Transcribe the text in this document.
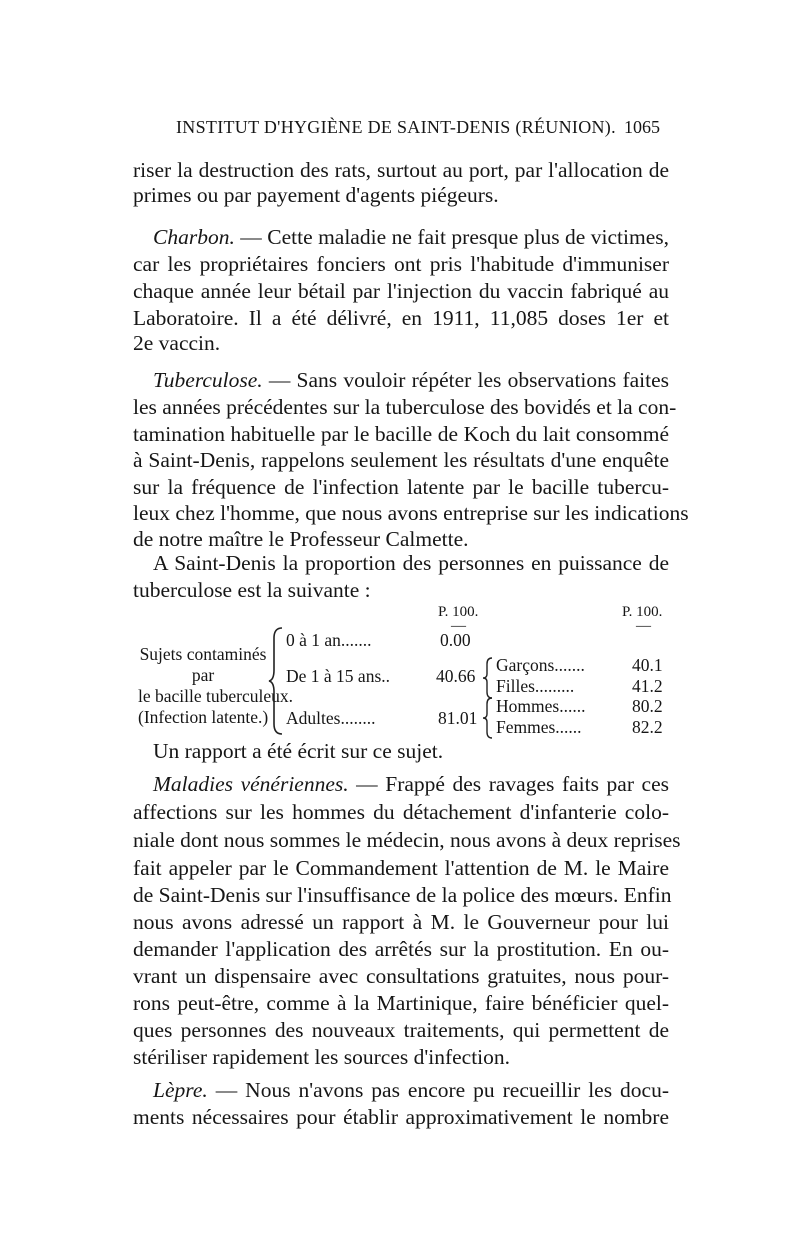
INSTITUT D'HYGIÈNE DE SAINT-DENIS (RÉUNION). 1065
riser la destruction des rats, surtout au port, par l'allocation de
primes ou par payement d'agents piégeurs.
Charbon. — Cette maladie ne fait presque plus de victimes,
car les propriétaires fonciers ont pris l'habitude d'immuniser
chaque année leur bétail par l'injection du vaccin fabriqué au
Laboratoire. Il a été délivré, en 1911, 11,085 doses 1er et
2e vaccin.
Tuberculose. — Sans vouloir répéter les observations faites
les années précédentes sur la tuberculose des bovidés et la con-
tamination habituelle par le bacille de Koch du lait consommé
à Saint-Denis, rappelons seulement les résultats d'une enquête
sur la fréquence de l'infection latente par le bacille tubercu-
leux chez l'homme, que nous avons entreprise sur les indications
de notre maître le Professeur Calmette.
A Saint-Denis la proportion des personnes en puissance de
tuberculose est la suivante :
P. 100.	P. 100.
—	—
Sujets contaminés
par
le bacille tuberculeux.
(Infection latente.)
0 à 1 an.......	0.00
De 1 à 15 ans..	40.66
Garçons.......	40.1
Filles.........	41.2
Adultes........	81.01
Hommes......	80.2
Femmes......	82.2
Un rapport a été écrit sur ce sujet.
Maladies vénériennes. — Frappé des ravages faits par ces
affections sur les hommes du détachement d'infanterie colo-
niale dont nous sommes le médecin, nous avons à deux reprises
fait appeler par le Commandement l'attention de M. le Maire
de Saint-Denis sur l'insuffisance de la police des mœurs. Enfin
nous avons adressé un rapport à M. le Gouverneur pour lui
demander l'application des arrêtés sur la prostitution. En ou-
vrant un dispensaire avec consultations gratuites, nous pour-
rons peut-être, comme à la Martinique, faire bénéficier quel-
ques personnes des nouveaux traitements, qui permettent de
stériliser rapidement les sources d'infection.
Lèpre. — Nous n'avons pas encore pu recueillir les docu-
ments nécessaires pour établir approximativement le nombre
